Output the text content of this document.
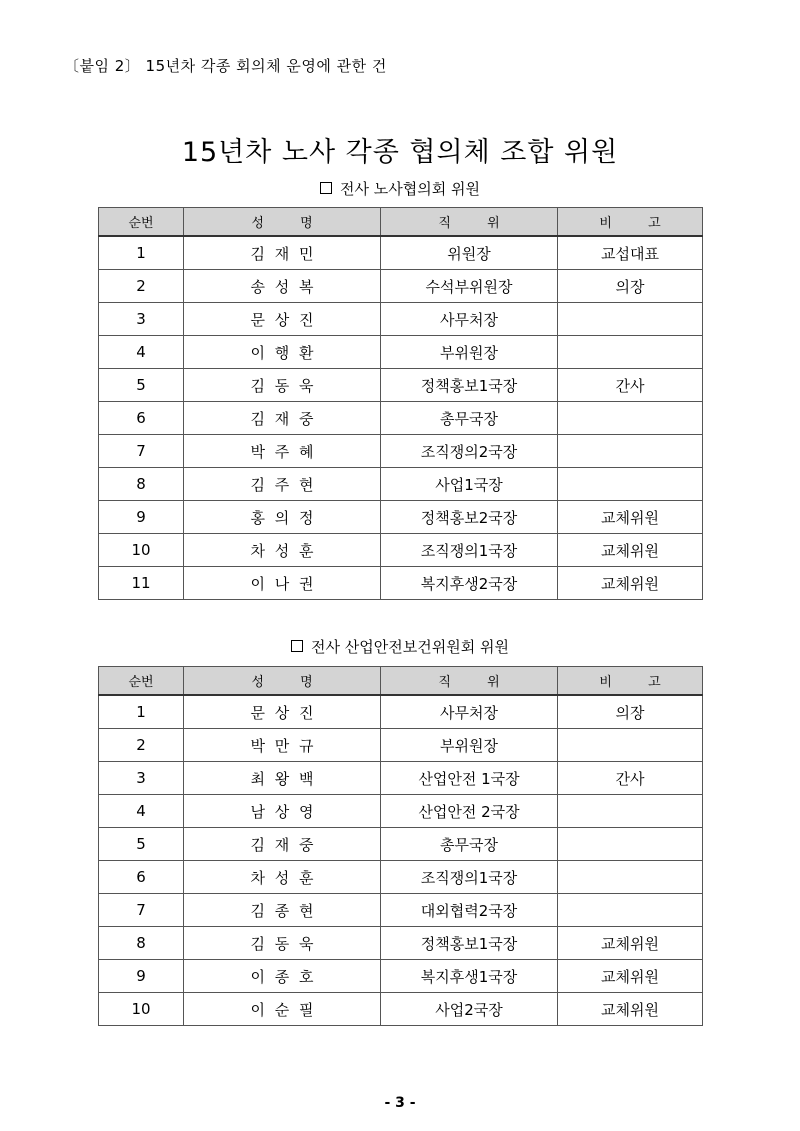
〔붙임 2〕 15년차 각종 회의체 운영에 관한 건
15년차 노사 각종 협의체 조합 위원
전사 노사협의회 위원
순번	성 명	직 위	비 고
1	김 재 민	위원장	교섭대표
2	송 성 복	수석부위원장	의장
3	문 상 진	사무처장	
4	이 행 환	부위원장	
5	김 동 욱	정책홍보1국장	간사
6	김 재 중	총무국장	
7	박 주 혜	조직쟁의2국장	
8	김 주 현	사업1국장	
9	홍 의 정	정책홍보2국장	교체위원
10	차 성 훈	조직쟁의1국장	교체위원
11	이 나 권	복지후생2국장	교체위원
전사 산업안전보건위원회 위원
순번	성 명	직 위	비 고
1	문 상 진	사무처장	의장
2	박 만 규	부위원장	
3	최 왕 백	산업안전 1국장	간사
4	남 상 영	산업안전 2국장	
5	김 재 중	총무국장	
6	차 성 훈	조직쟁의1국장	
7	김 종 현	대외협력2국장	
8	김 동 욱	정책홍보1국장	교체위원
9	이 종 호	복지후생1국장	교체위원
10	이 순 필	사업2국장	교체위원
- 3 -
